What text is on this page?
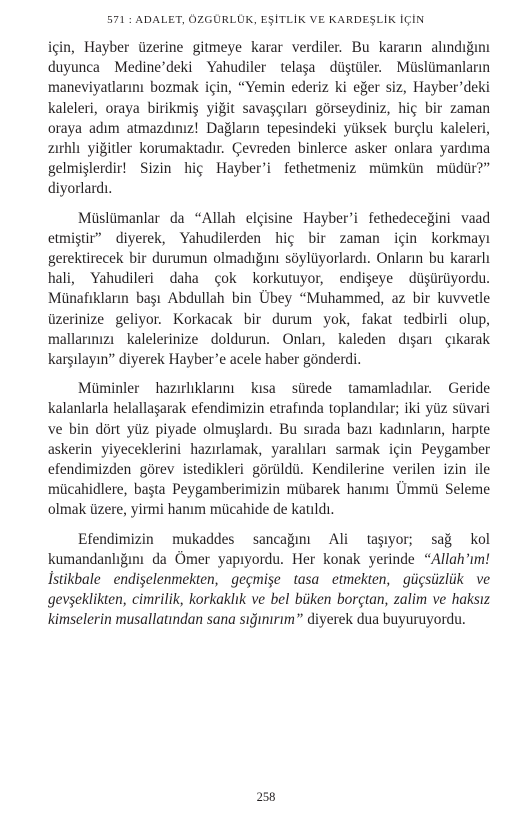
571 : ADALET, ÖZGÜRLÜK, EŞİTLİK VE KARDEŞLİK İÇİN

için, Hayber üzerine gitmeye karar verdiler. Bu kararın alındığını duyunca Medine’deki Yahudiler telaşa düştüler. Müslümanların maneviyatlarını bozmak için, “Yemin ederiz ki eğer siz, Hayber’deki kaleleri, oraya birikmiş yiğit savaşçıları görseydiniz, hiç bir zaman oraya adım atmazdınız! Dağların tepesindeki yüksek burçlu kaleleri, zırhlı yiğitler korumaktadır. Çevreden binlerce asker onlara yardıma gelmişlerdir! Sizin hiç Hayber’i fethetmeniz mümkün müdür?” diyorlardı.

Müslümanlar da “Allah elçisine Hayber’i fethedeceğini vaad etmiştir” diyerek, Yahudilerden hiç bir zaman için korkmayı gerektirecek bir durumun olmadığını söylüyorlardı. Onların bu kararlı hali, Yahudileri daha çok korkutuyor, endişeye düşürüyordu. Münafıkların başı Abdullah bin Übey “Muhammed, az bir kuvvetle üzerinize geliyor. Korkacak bir durum yok, fakat tedbirli olup, mallarınızı kalelerinize doldurun. Onları, kaleden dışarı çıkarak karşılayın” diyerek Hayber’e acele haber gönderdi.

Müminler hazırlıklarını kısa sürede tamamladılar. Geride kalanlarla helallaşarak efendimizin etrafında toplandılar; iki yüz süvari ve bin dört yüz piyade olmuşlardı. Bu sırada bazı kadınların, harpte askerin yiyeceklerini hazırlamak, yaralıları sarmak için Peygamber efendimizden görev istedikleri görüldü. Kendilerine verilen izin ile mücahidlere, başta Peygamberimizin mübarek hanımı Ümmü Seleme olmak üzere, yirmi hanım mücahide de katıldı.

Efendimizin mukaddes sancağını Ali taşıyor; sağ kol kumandanlığını da Ömer yapıyordu. Her konak yerinde “Allah’ım! İstikbale endişelenmekten, geçmişe tasa etmekten, güçsüzlük ve gevşeklikten, cimrilik, korkaklık ve bel büken borçtan, zalim ve haksız kimselerin musallatından sana sığınırım” diyerek dua buyuruyordu.

258
